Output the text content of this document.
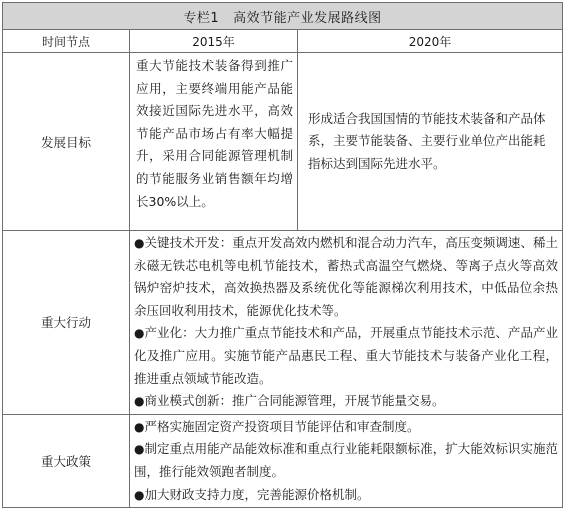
专栏1 高效节能产业发展路线图		
时间节点	2015年	2020年
发展目标	重大节能技术装备得到推广应用，主要终端用能产品能效接近国际先进水平，高效节能产品市场占有率大幅提升，采用合同能源管理机制的节能服务业销售额年均增长30%以上。	形成适合我国国情的节能技术装备和产品体系，主要节能装备、主要行业单位产出能耗指标达到国际先进水平。
重大行动	●关键技术开发：重点开发高效内燃机和混合动力汽车，高压变频调速、稀土永磁无铁芯电机等电机节能技术，蓄热式高温空气燃烧、等离子点火等高效锅炉窑炉技术，高效换热器及系统优化等能源梯次利用技术，中低品位余热余压回收利用技术，能源优化技术等。

●产业化：大力推广重点节能技术和产品，开展重点节能技术示范、产品产业化及推广应用。实施节能产品惠民工程、重大节能技术与装备产业化工程，推进重点领域节能改造。

●商业模式创新：推广合同能源管理，开展节能量交易。	

重大政策	●严格实施固定资产投资项目节能评估和审查制度。

●制定重点用能产品能效标准和重点行业能耗限额标准，扩大能效标识实施范围，推行能效领跑者制度。

●加大财政支持力度，完善能源价格机制。	
